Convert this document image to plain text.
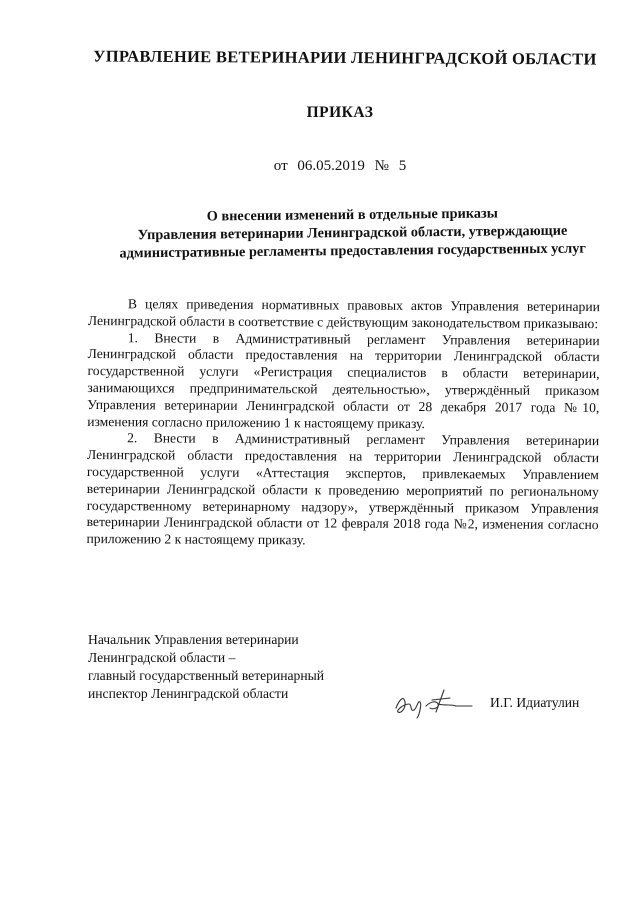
УПРАВЛЕНИЕ ВЕТЕРИНАРИИ ЛЕНИНГРАДСКОЙ ОБЛАСТИ
ПРИКАЗ
от 06.05.2019 № 5
О внесении изменений в отдельные приказы
Управления ветеринарии Ленинградской области, утверждающие
административные регламенты предоставления государственных услуг

В целях приведения нормативных правовых актов Управления ветеринарии Ленинградской области в соответствие с действующим законодательством приказываю:

1. Внести в Административный регламент Управления ветеринарии Ленинградской области предоставления на территории Ленинградской области государственной услуги «Регистрация специалистов в области ветеринарии, занимающихся предпринимательской деятельностью», утверждённый приказом Управления ветеринарии Ленинградской области от 28 декабря 2017 года №10, изменения согласно приложению 1 к настоящему приказу.

2. Внести в Административный регламент Управления ветеринарии Ленинградской области предоставления на территории Ленинградской области государственной услуги «Аттестация экспертов, привлекаемых Управлением ветеринарии Ленинградской области к проведению мероприятий по региональному государственному ветеринарному надзору», утверждённый приказом Управления ветеринарии Ленинградской области от 12 февраля 2018 года №2, изменения согласно приложению 2 к настоящему приказу.

Начальник Управления ветеринарии
Ленинградской области –
главный государственный ветеринарный
инспектор Ленинградской области
И.Г. Идиатулин
